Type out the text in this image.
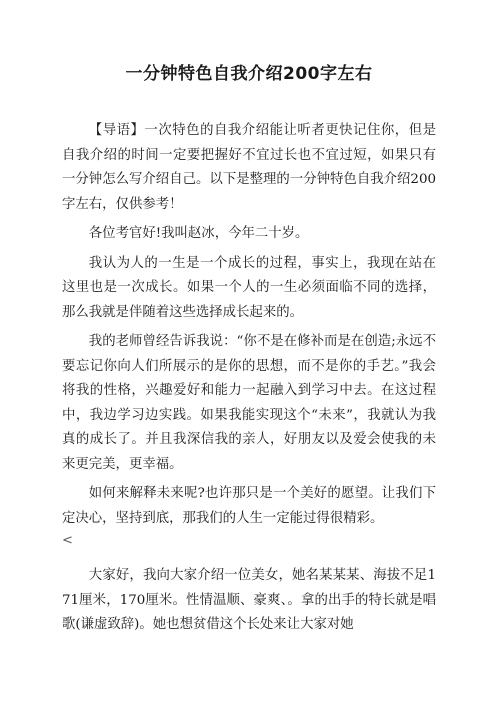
一分钟特色自我介绍200字左右

【导语】一次特色的自我介绍能让听者更快记住你，但是自我介绍的时间一定要把握好不宜过长也不宜过短，如果只有一分钟怎么写介绍自己。以下是整理的一分钟特色自我介绍200字左右，仅供参考！

各位考官好!我叫赵冰，今年二十岁。

我认为人的一生是一个成长的过程，事实上，我现在站在这里也是一次成长。如果一个人的一生必须面临不同的选择，那么我就是伴随着这些选择成长起来的。

我的老师曾经告诉我说：“你不是在修补而是在创造;永远不要忘记你向人们所展示的是你的思想，而不是你的手艺。”我会将我的性格，兴趣爱好和能力一起融入到学习中去。在这过程中，我边学习边实践。如果我能实现这个“未来”，我就认为我真的成长了。并且我深信我的亲人，好朋友以及爱会使我的未来更完美，更幸福。

如何来解释未来呢?也许那只是一个美好的愿望。让我们下定决心，坚持到底，那我们的人生一定能过得很精彩。

<

大家好，我向大家介绍一位美女，她名某某某、海拔不足171厘米，170厘米。性情温顺、豪爽、。拿的出手的特长就是唱歌(谦虚致辞)。她也想贫借这个长处来让大家对她
